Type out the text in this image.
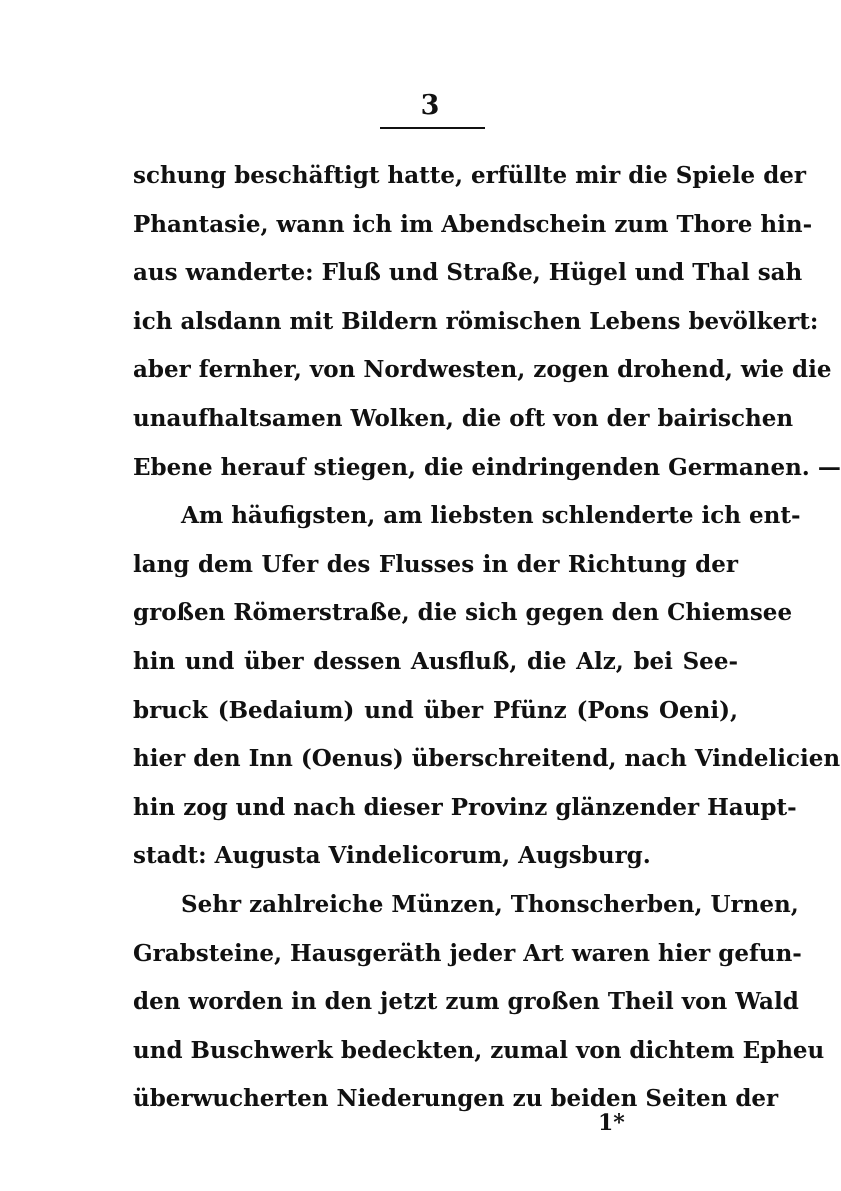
3
schung beschäftigt hatte, erfüllte mir die Spiele der
Phantasie, wann ich im Abendschein zum Thore hin-
aus wanderte: Fluß und Straße, Hügel und Thal sah
ich alsdann mit Bildern römischen Lebens bevölkert:
aber fernher, von Nordwesten, zogen drohend, wie die
unaufhaltsamen Wolken, die oft von der bairischen
Ebene herauf stiegen, die eindringenden Germanen. —
Am häufigsten, am liebsten schlenderte ich ent-
lang dem Ufer des Flusses in der Richtung der
großen Römerstraße, die sich gegen den Chiemsee
hin und über dessen Ausfluß, die Alz, bei See-
bruck (Bedaium) und über Pfünz (Pons Oeni),
hier den Inn (Oenus) überschreitend, nach Vindelicien
hin zog und nach dieser Provinz glänzender Haupt-
stadt: Augusta Vindelicorum, Augsburg.
Sehr zahlreiche Münzen, Thonscherben, Urnen,
Grabsteine, Hausgeräth jeder Art waren hier gefun-
den worden in den jetzt zum großen Theil von Wald
und Buschwerk bedeckten, zumal von dichtem Epheu
überwucherten Niederungen zu beiden Seiten der
1*
